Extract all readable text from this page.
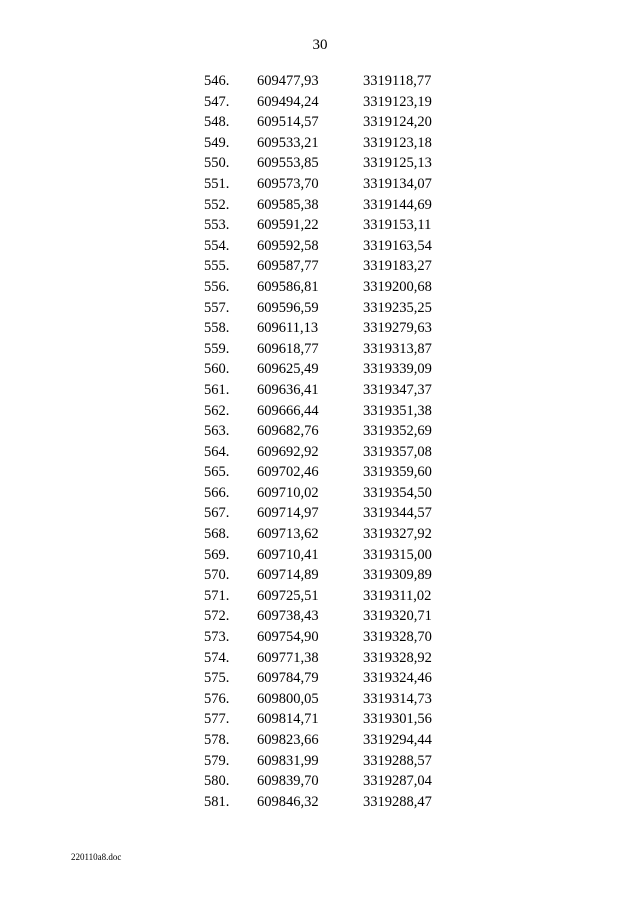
30
546.	609477,93	3319118,77
547.	609494,24	3319123,19
548.	609514,57	3319124,20
549.	609533,21	3319123,18
550.	609553,85	3319125,13
551.	609573,70	3319134,07
552.	609585,38	3319144,69
553.	609591,22	3319153,11
554.	609592,58	3319163,54
555.	609587,77	3319183,27
556.	609586,81	3319200,68
557.	609596,59	3319235,25
558.	609611,13	3319279,63
559.	609618,77	3319313,87
560.	609625,49	3319339,09
561.	609636,41	3319347,37
562.	609666,44	3319351,38
563.	609682,76	3319352,69
564.	609692,92	3319357,08
565.	609702,46	3319359,60
566.	609710,02	3319354,50
567.	609714,97	3319344,57
568.	609713,62	3319327,92
569.	609710,41	3319315,00
570.	609714,89	3319309,89
571.	609725,51	3319311,02
572.	609738,43	3319320,71
573.	609754,90	3319328,70
574.	609771,38	3319328,92
575.	609784,79	3319324,46
576.	609800,05	3319314,73
577.	609814,71	3319301,56
578.	609823,66	3319294,44
579.	609831,99	3319288,57
580.	609839,70	3319287,04
581.	609846,32	3319288,47
220110a8.doc
